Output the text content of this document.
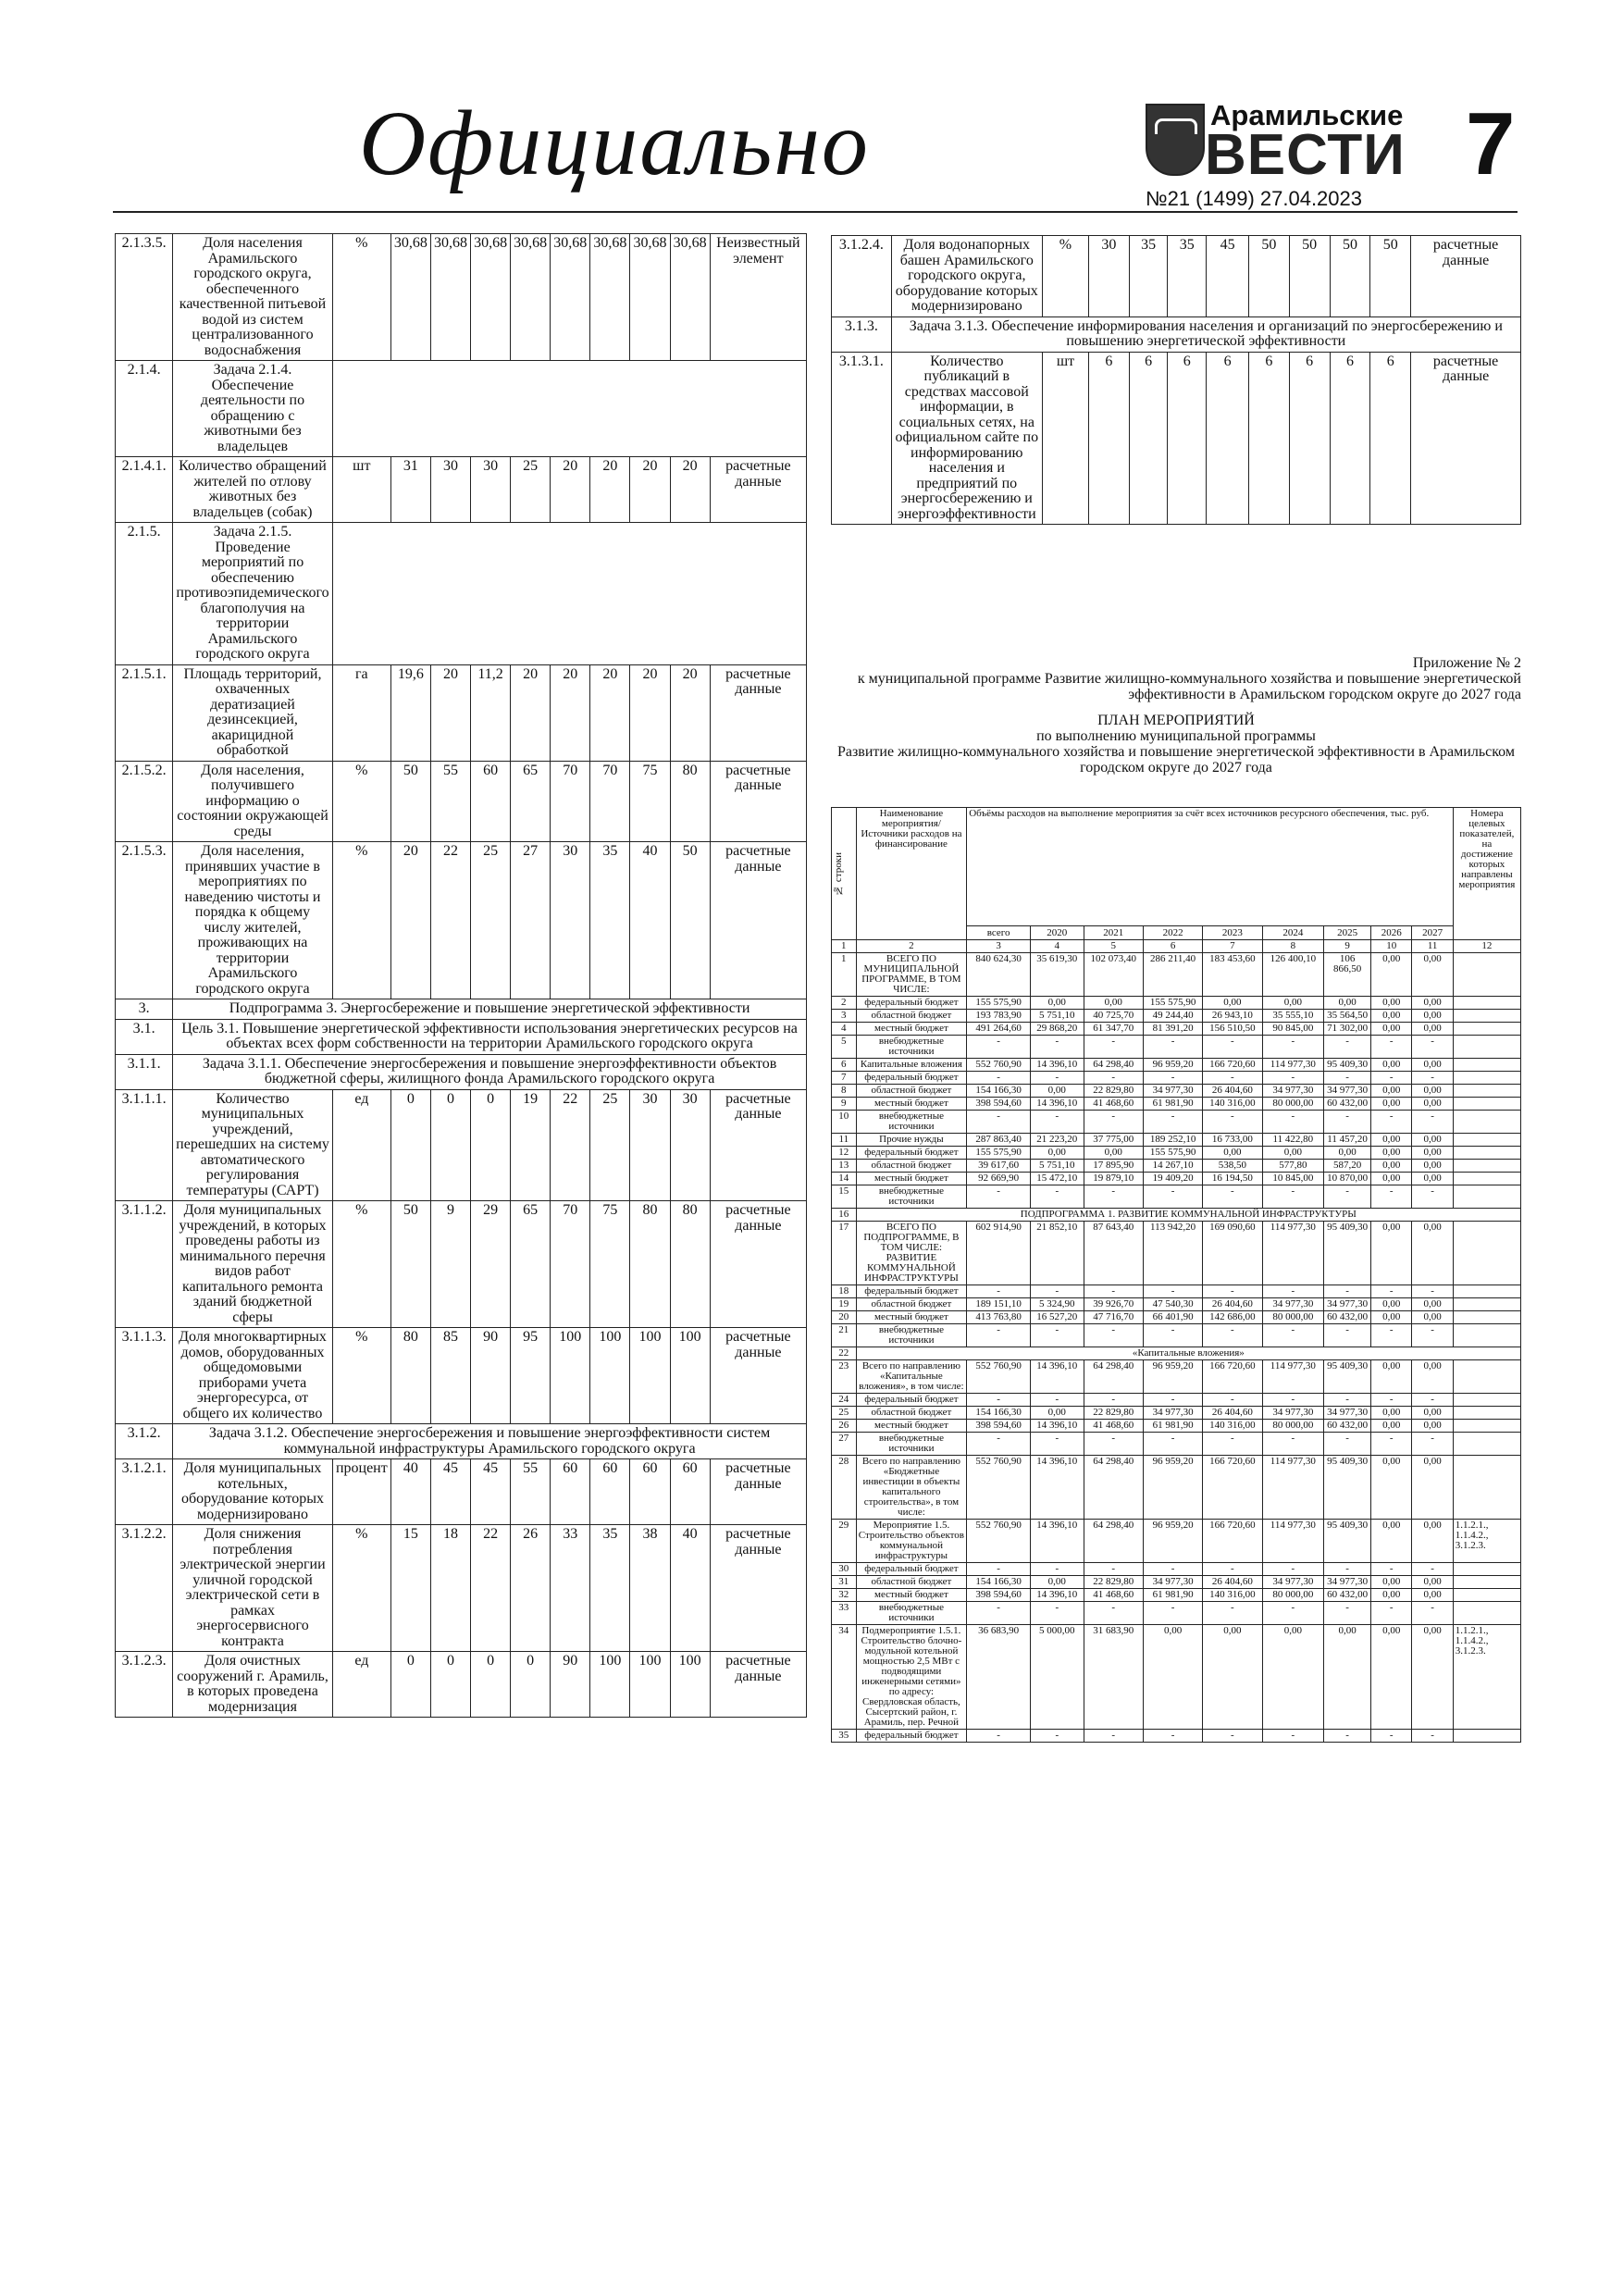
Официально	Арамильские
ВЕСТИ
№21 (1499) 27.04.2023
7
2.1.3.5.	Доля населения Арамильского городского округа, обеспеченного качественной питьевой водой из систем централизованного водоснабжения	%	30,68	30,68	30,68	30,68	30,68	30,68	30,68	30,68	Неизвестный элемент
2.1.4.	Задача 2.1.4. Обеспечение деятельности по обращению с животными без владельцев										
2.1.4.1.	Количество обращений жителей по отлову животных без владельцев (собак)	шт	31	30	30	25	20	20	20	20	расчетные данные
2.1.5.	Задача 2.1.5. Проведение мероприятий по обеспечению противоэпидемического благополучия на территории Арамильского городского округа										
2.1.5.1.	Площадь территорий, охваченных дератизацией дезинсекцией, акарицидной обработкой	га	19,6	20	11,2	20	20	20	20	20	расчетные данные
2.1.5.2.	Доля населения, получившего информацию о состоянии окружающей среды	%	50	55	60	65	70	70	75	80	расчетные данные
2.1.5.3.	Доля населения, принявших участие в мероприятиях по наведению чистоты и порядка к общему числу жителей, проживающих на территории Арамильского городского округа	%	20	22	25	27	30	35	40	50	расчетные данные
3.	Подпрограмма 3. Энергосбережение и повышение энергетической эффективности										
3.1.	Цель 3.1. Повышение энергетической эффективности использования энергетических ресурсов на объектах всех форм собственности на территории Арамильского городского округа										
3.1.1.	Задача 3.1.1. Обеспечение энергосбережения и повышение энергоэффективности объектов бюджетной сферы, жилищного фонда Арамильского городского округа										
3.1.1.1.	Количество муниципальных учреждений, перешедших на систему автоматического регулирования температуры (САРТ)	ед	0	0	0	19	22	25	30	30	расчетные данные
3.1.1.2.	Доля муниципальных учреждений, в которых проведены работы из минимального перечня видов работ капитального ремонта зданий бюджетной сферы	%	50	9	29	65	70	75	80	80	расчетные данные
3.1.1.3.	Доля многоквартирных домов, оборудованных общедомовыми приборами учета энергоресурса, от общего их количество	%	80	85	90	95	100	100	100	100	расчетные данные
3.1.2.	Задача 3.1.2. Обеспечение энергосбережения и повышение энергоэффективности систем коммунальной инфраструктуры Арамильского городского округа										
3.1.2.1.	Доля муниципальных котельных, оборудование которых модернизировано	процент	40	45	45	55	60	60	60	60	расчетные данные
3.1.2.2.	Доля снижения потребления электрической энергии уличной городской электрической сети в рамках энергосервисного контракта	%	15	18	22	26	33	35	38	40	расчетные данные
3.1.2.3.	Доля очистных сооружений г. Арамиль, в которых проведена модернизация	ед	0	0	0	0	90	100	100	100	расчетные данные
3.1.2.4.	Доля водонапорных башен Арамильского городского округа, оборудование которых модернизировано	%	30	35	35	45	50	50	50	50	расчетные данные
3.1.3.	Задача 3.1.3. Обеспечение информирования населения и организаций по энергосбережению и повышению энергетической эффективности										
3.1.3.1.	Количество публикаций в средствах массовой информации, в социальных сетях, на официальном сайте по информированию населения и предприятий по энергосбережению и энергоэффективности	шт	6	6	6	6	6	6	6	6	расчетные данные
Приложение № 2
к муниципальной программе Развитие жилищно-коммунального хозяйства и повышение энергетической эффективности в Арамильском городском округе до 2027 года
ПЛАН МЕРОПРИЯТИЙ
по выполнению муниципальной программы
Развитие жилищно-коммунального хозяйства и повышение энергетической эффективности в Арамильском городском округе до 2027 года
№ строки	Наименование мероприятия/Источники расходов на финансирование	Объёмы расходов на выполнение мероприятия за счёт всех источников ресурсного обеспечения, тыс. руб.									Номера целевых показателей, на достижение которых направлены мероприятия
		всего	2020	2021	2022	2023	2024	2025	2026	2027	
1	2	3	4	5	6	7	8	9	10	11	12
1	ВСЕГО ПО МУНИЦИПАЛЬНОЙ ПРОГРАММЕ, В ТОМ ЧИСЛЕ:	840 624,30	35 619,30	102 073,40	286 211,40	183 453,60	126 400,10	106 866,50	0,00	0,00	
2	федеральный бюджет	155 575,90	0,00	0,00	155 575,90	0,00	0,00	0,00	0,00	0,00	
3	областной бюджет	193 783,90	5 751,10	40 725,70	49 244,40	26 943,10	35 555,10	35 564,50	0,00	0,00	
4	местный бюджет	491 264,60	29 868,20	61 347,70	81 391,20	156 510,50	90 845,00	71 302,00	0,00	0,00	
5	внебюджетные источники	-	-	-	-	-	-	-	-	-	
6	Капитальные вложения	552 760,90	14 396,10	64 298,40	96 959,20	166 720,60	114 977,30	95 409,30	0,00	0,00	
7	федеральный бюджет	-	-	-	-	-	-	-	-	-	
8	областной бюджет	154 166,30	0,00	22 829,80	34 977,30	26 404,60	34 977,30	34 977,30	0,00	0,00	
9	местный бюджет	398 594,60	14 396,10	41 468,60	61 981,90	140 316,00	80 000,00	60 432,00	0,00	0,00	
10	внебюджетные источники	-	-	-	-	-	-	-	-	-	
11	Прочие нужды	287 863,40	21 223,20	37 775,00	189 252,10	16 733,00	11 422,80	11 457,20	0,00	0,00	
12	федеральный бюджет	155 575,90	0,00	0,00	155 575,90	0,00	0,00	0,00	0,00	0,00	
13	областной бюджет	39 617,60	5 751,10	17 895,90	14 267,10	538,50	577,80	587,20	0,00	0,00	
14	местный бюджет	92 669,90	15 472,10	19 879,10	19 409,20	16 194,50	10 845,00	10 870,00	0,00	0,00	
15	внебюджетные источники	-	-	-	-	-	-	-	-	-	
16	ПОДПРОГРАММА 1. РАЗВИТИЕ КОММУНАЛЬНОЙ ИНФРАСТРУКТУРЫ										
17	ВСЕГО ПО ПОДПРОГРАММЕ, В ТОМ ЧИСЛЕ: РАЗВИТИЕ КОММУНАЛЬНОЙ ИНФРАСТРУКТУРЫ	602 914,90	21 852,10	87 643,40	113 942,20	169 090,60	114 977,30	95 409,30	0,00	0,00	
18	федеральный бюджет	-	-	-	-	-	-	-	-	-	
19	областной бюджет	189 151,10	5 324,90	39 926,70	47 540,30	26 404,60	34 977,30	34 977,30	0,00	0,00	
20	местный бюджет	413 763,80	16 527,20	47 716,70	66 401,90	142 686,00	80 000,00	60 432,00	0,00	0,00	
21	внебюджетные источники	-	-	-	-	-	-	-	-	-	
22	«Капитальные вложения»										
23	Всего по направлению «Капитальные вложения», в том числе:	552 760,90	14 396,10	64 298,40	96 959,20	166 720,60	114 977,30	95 409,30	0,00	0,00	
24	федеральный бюджет	-	-	-	-	-	-	-	-	-	
25	областной бюджет	154 166,30	0,00	22 829,80	34 977,30	26 404,60	34 977,30	34 977,30	0,00	0,00	
26	местный бюджет	398 594,60	14 396,10	41 468,60	61 981,90	140 316,00	80 000,00	60 432,00	0,00	0,00	
27	внебюджетные источники	-	-	-	-	-	-	-	-	-	
28	Всего по направлению «Бюджетные инвестиции в объекты капитального строительства», в том числе:	552 760,90	14 396,10	64 298,40	96 959,20	166 720,60	114 977,30	95 409,30	0,00	0,00	
29	Мероприятие 1.5. Строительство объектов коммунальной инфраструктуры	552 760,90	14 396,10	64 298,40	96 959,20	166 720,60	114 977,30	95 409,30	0,00	0,00	1.1.2.1., 1.1.4.2., 3.1.2.3.
30	федеральный бюджет	-	-	-	-	-	-	-	-	-	
31	областной бюджет	154 166,30	0,00	22 829,80	34 977,30	26 404,60	34 977,30	34 977,30	0,00	0,00	
32	местный бюджет	398 594,60	14 396,10	41 468,60	61 981,90	140 316,00	80 000,00	60 432,00	0,00	0,00	
33	внебюджетные источники	-	-	-	-	-	-	-	-	-	
34	Подмероприятие 1.5.1. Строительство блочно-модульной котельной мощностью 2,5 МВт с подводящими инженерными сетями» по адресу: Свердловская область, Сысертский район, г. Арамиль, пер. Речной	36 683,90	5 000,00	31 683,90	0,00	0,00	0,00	0,00	0,00	0,00	1.1.2.1., 1.1.4.2., 3.1.2.3.
35	федеральный бюджет	-	-	-	-	-	-	-	-	-	
